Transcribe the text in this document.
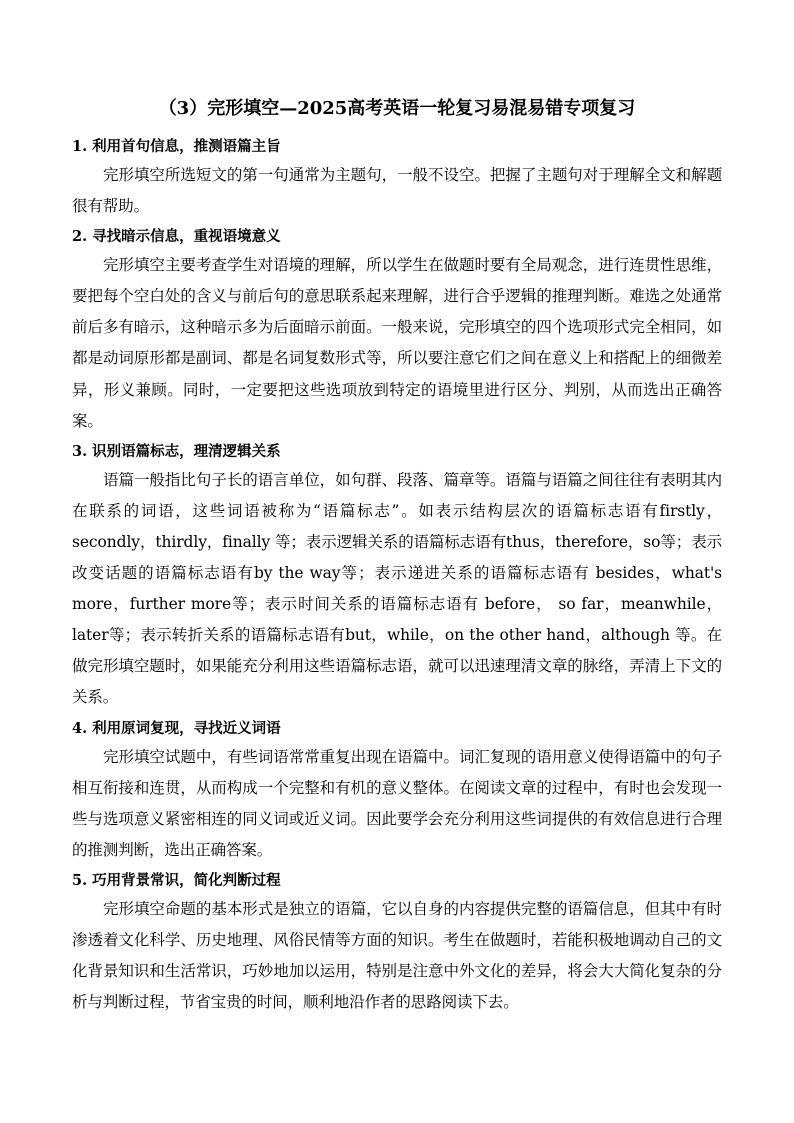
（3）完形填空—2025高考英语一轮复习易混易错专项复习
1. 利用首句信息，推测语篇主旨

完形填空所选短文的第一句通常为主题句，一般不设空。把握了主题句对于理解全文和解题很有帮助。

2. 寻找暗示信息，重视语境意义

完形填空主要考查学生对语境的理解，所以学生在做题时要有全局观念，进行连贯性思维，要把每个空白处的含义与前后句的意思联系起来理解，进行合乎逻辑的推理判断。难选之处通常前后多有暗示，这种暗示多为后面暗示前面。一般来说，完形填空的四个选项形式完全相同，如都是动词原形都是副词、都是名词复数形式等，所以要注意它们之间在意义上和搭配上的细微差异，形义兼顾。同时，一定要把这些选项放到特定的语境里进行区分、判别，从而选出正确答案。

3. 识别语篇标志，理清逻辑关系

语篇一般指比句子长的语言单位，如句群、段落、篇章等。语篇与语篇之间往往有表明其内在联系的词语，这些词语被称为“语篇标志”。如表示结构层次的语篇标志语有firstly，secondly，thirdly，finally 等；表示逻辑关系的语篇标志语有thus，therefore，so等；表示改变话题的语篇标志语有by the way等；表示递进关系的语篇标志语有 besides，what's more，further more等；表示时间关系的语篇标志语有 before， so far，meanwhile，later等；表示转折关系的语篇标志语有but，while，on the other hand，although 等。在做完形填空题时，如果能充分利用这些语篇标志语，就可以迅速理清文章的脉络，弄清上下文的关系。

4. 利用原词复现，寻找近义词语

完形填空试题中，有些词语常常重复出现在语篇中。词汇复现的语用意义使得语篇中的句子相互衔接和连贯，从而构成一个完整和有机的意义整体。在阅读文章的过程中，有时也会发现一些与选项意义紧密相连的同义词或近义词。因此要学会充分利用这些词提供的有效信息进行合理的推测判断，选出正确答案。

5. 巧用背景常识，简化判断过程

完形填空命题的基本形式是独立的语篇，它以自身的内容提供完整的语篇信息，但其中有时渗透着文化科学、历史地理、风俗民情等方面的知识。考生在做题时，若能积极地调动自己的文化背景知识和生活常识，巧妙地加以运用，特别是注意中外文化的差异，将会大大简化复杂的分析与判断过程，节省宝贵的时间，顺利地沿作者的思路阅读下去。
